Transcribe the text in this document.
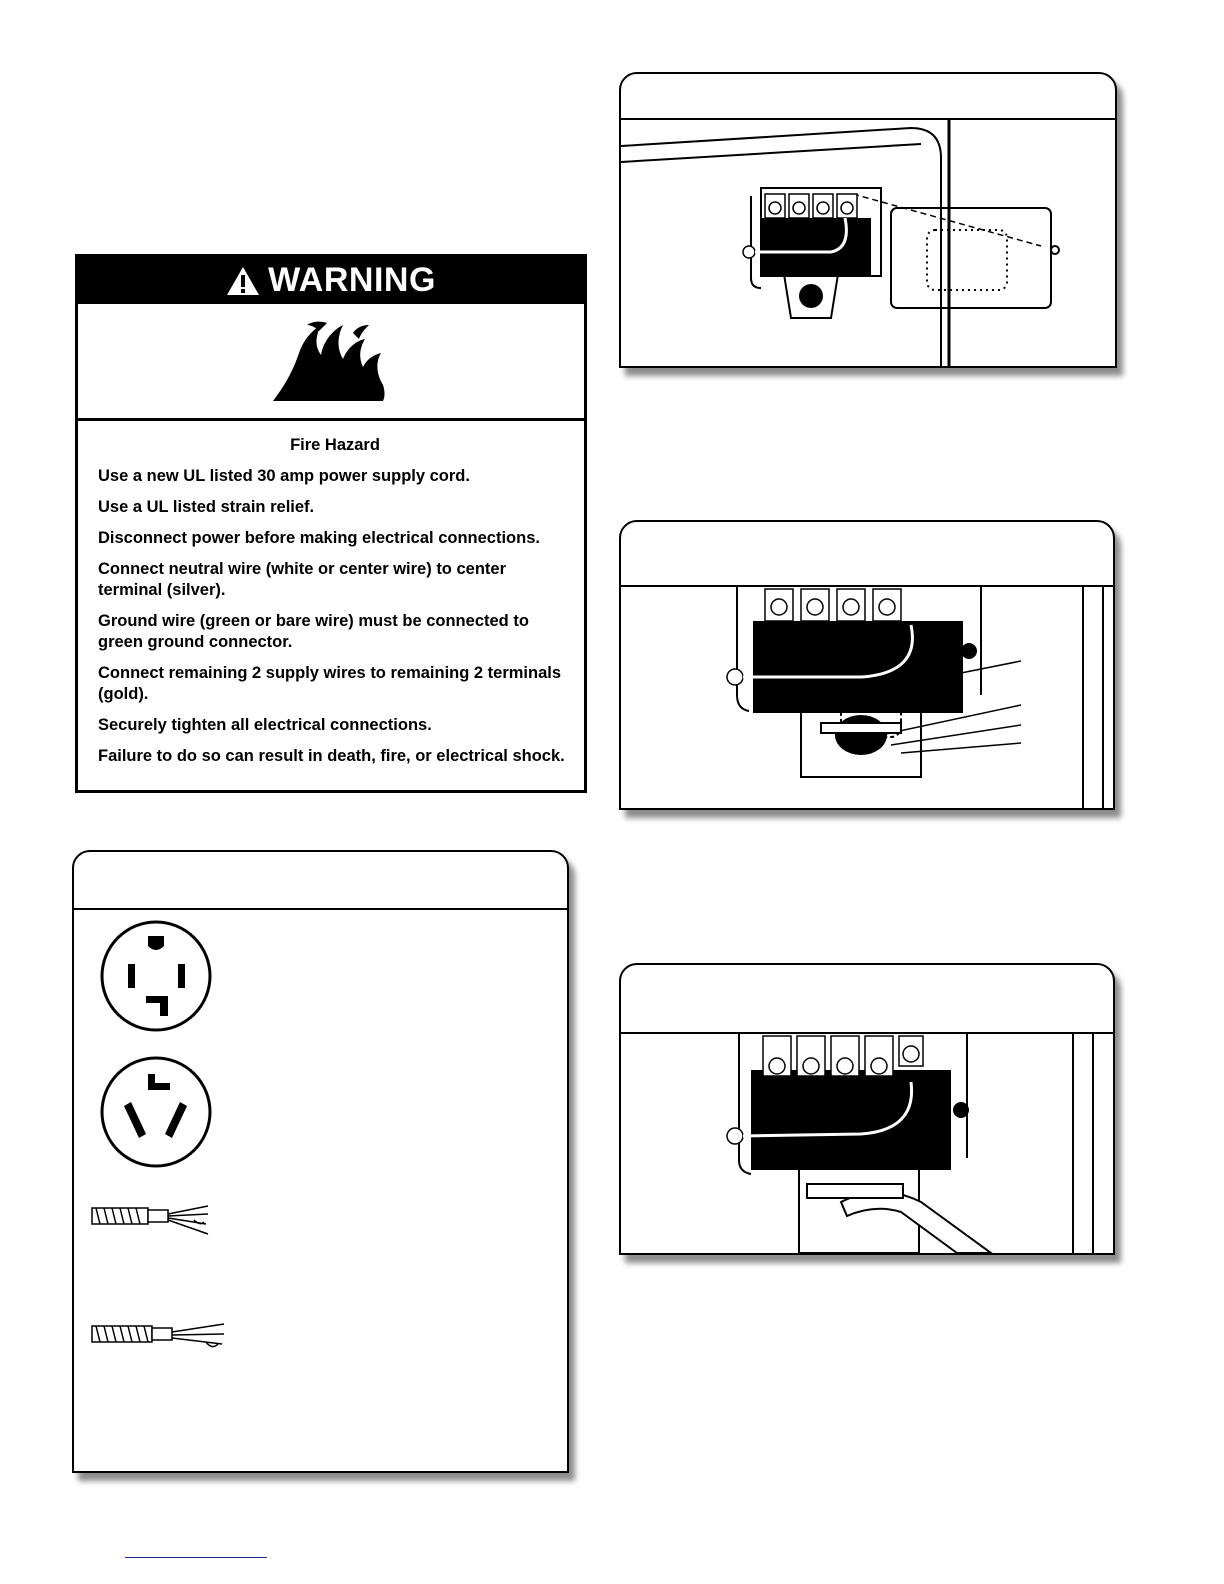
WARNING
Fire Hazard
Use a new UL listed 30 amp power supply cord.
Use a UL listed strain relief.
Disconnect power before making electrical connections.
Connect neutral wire (white or center wire) to center terminal (silver).
Ground wire (green or bare wire) must be connected to green ground connector.
Connect remaining 2 supply wires to remaining 2 terminals (gold).
Securely tighten all electrical connections.
Failure to do so can result in death, fire, or electrical shock.
